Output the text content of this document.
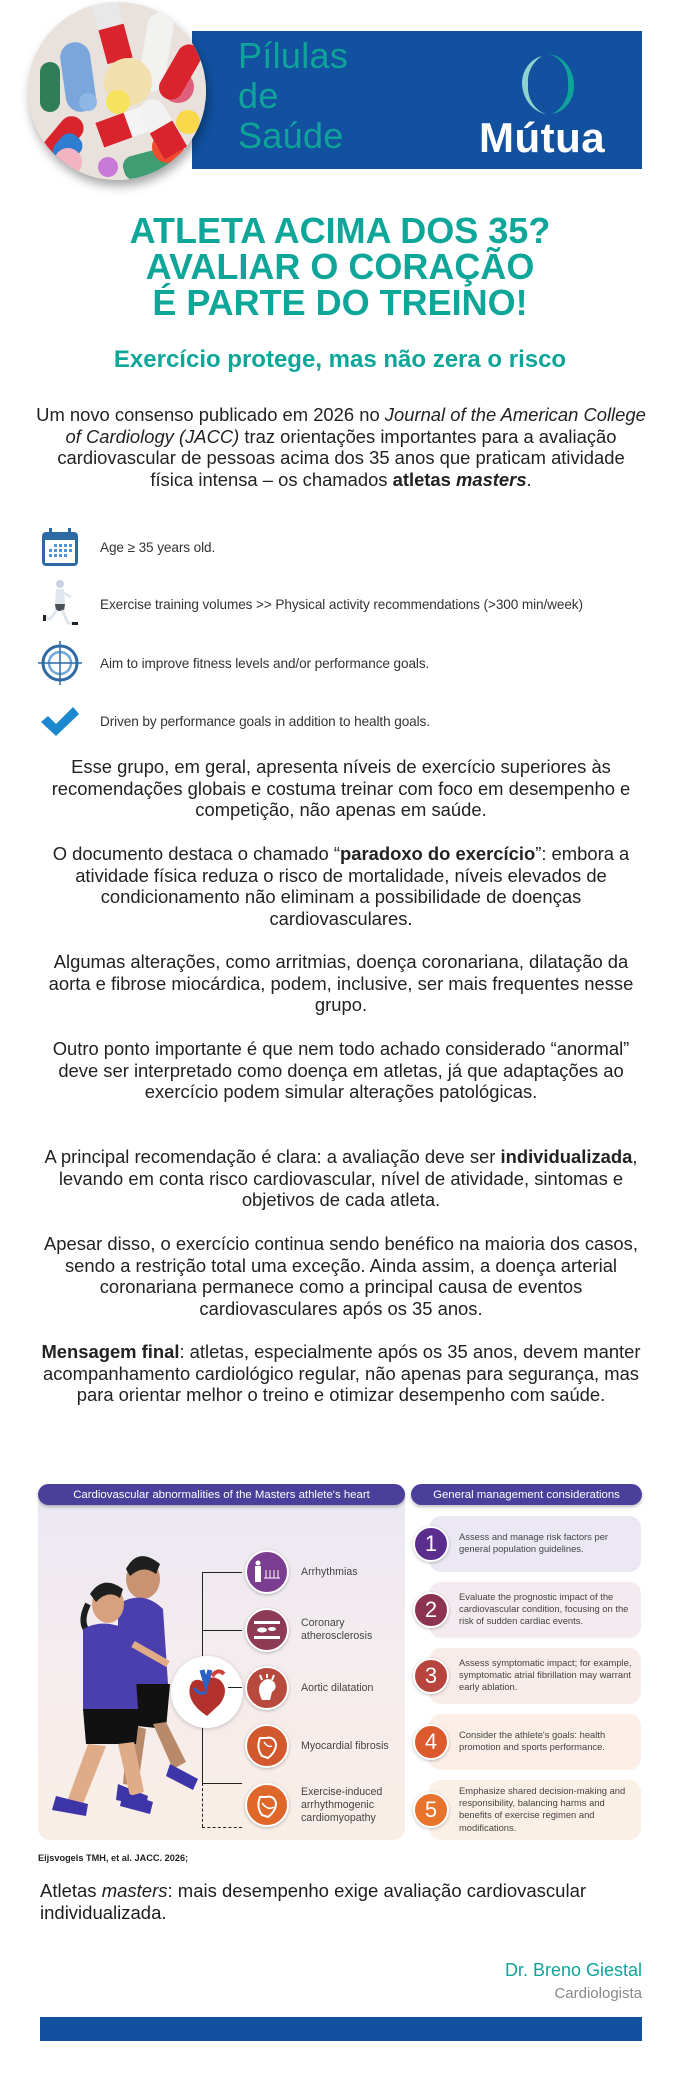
Pílulas
de
Saúde	Mútua
ATLETA ACIMA DOS 35?
AVALIAR O CORAÇÃO
É PARTE DO TREINO!
Exercício protege, mas não zera o risco
Um novo consenso publicado em 2026 no Journal of the American College of Cardiology (JACC) traz orientações importantes para a avaliação cardiovascular de pessoas acima dos 35 anos que praticam atividade física intensa – os chamados atletas masters.
Age ≥ 35 years old.
Exercise training volumes >> Physical activity recommendations (>300 min/week)
Aim to improve fitness levels and/or performance goals.
Driven by performance goals in addition to health goals.
Esse grupo, em geral, apresenta níveis de exercício superiores às recomendações globais e costuma treinar com foco em desempenho e competição, não apenas em saúde.
O documento destaca o chamado “paradoxo do exercício”: embora a atividade física reduza o risco de mortalidade, níveis elevados de condicionamento não eliminam a possibilidade de doenças cardiovasculares.
Algumas alterações, como arritmias, doença coronariana, dilatação da aorta e fibrose miocárdica, podem, inclusive, ser mais frequentes nesse grupo.
Outro ponto importante é que nem todo achado considerado “anormal” deve ser interpretado como doença em atletas, já que adaptações ao exercício podem simular alterações patológicas.
A principal recomendação é clara: a avaliação deve ser individualizada, levando em conta risco cardiovascular, nível de atividade, sintomas e objetivos de cada atleta.
Apesar disso, o exercício continua sendo benéfico na maioria dos casos, sendo a restrição total uma exceção. Ainda assim, a doença arterial coronariana permanece como a principal causa de eventos cardiovasculares após os 35 anos.
Mensagem final: atletas, especialmente após os 35 anos, devem manter acompanhamento cardiológico regular, não apenas para segurança, mas para orientar melhor o treino e otimizar desempenho com saúde.
Arrhythmias
Coronary atherosclerosis
Aortic dilatation
Myocardial fibrosis
Exercise-induced arrhythmogenic cardiomyopathy
Cardiovascular abnormalities of the Masters athlete's heart	General management considerations
1	Assess and manage risk factors per general population guidelines.
2
Evaluate the prognostic impact of the cardiovascular condition, focusing on the risk of sudden cardiac events.
3
Assess symptomatic impact; for example, symptomatic atrial fibrillation may warrant early ablation.
4	Consider the athlete's goals: health promotion and sports performance.
5
Emphasize shared decision-making and responsibility, balancing harms and benefits of exercise regimen and modifications.
Eijsvogels TMH, et al. JACC. 2026;
Atletas masters: mais desempenho exige avaliação cardiovascular individualizada.
Dr. Breno Giestal
Cardiologista
